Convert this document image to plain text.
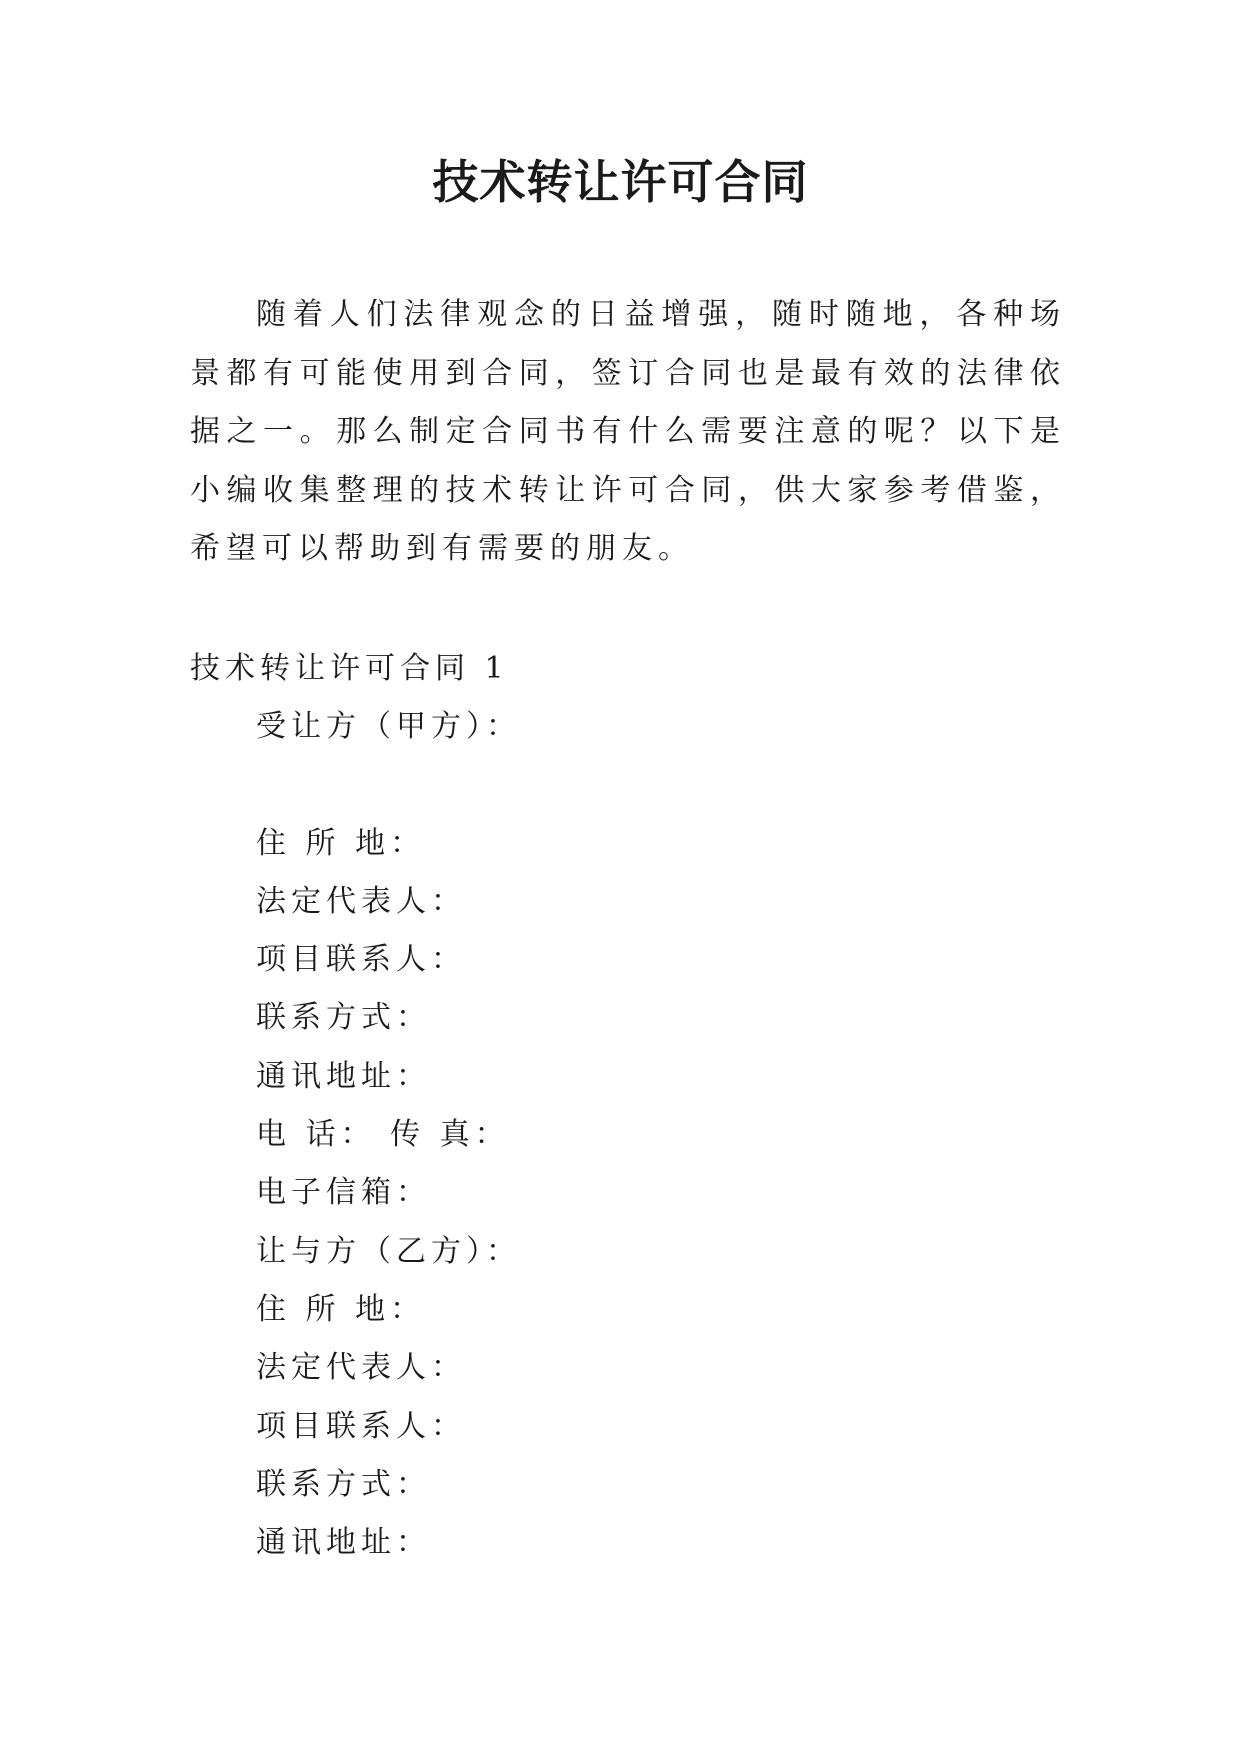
技术转让许可合同

随着人们法律观念的日益增强，随时随地，各种场景都有可能使用到合同，签订合同也是最有效的法律依据之一。那么制定合同书有什么需要注意的呢？以下是小编收集整理的技术转让许可合同，供大家参考借鉴，希望可以帮助到有需要的朋友。

技术转让许可合同 1

受让方（甲方）：
住 所 地：
法定代表人：
项目联系人：
联系方式：
通讯地址：
电 话： 传 真：
电子信箱：
让与方（乙方）：
住 所 地：
法定代表人：
项目联系人：
联系方式：
通讯地址：
